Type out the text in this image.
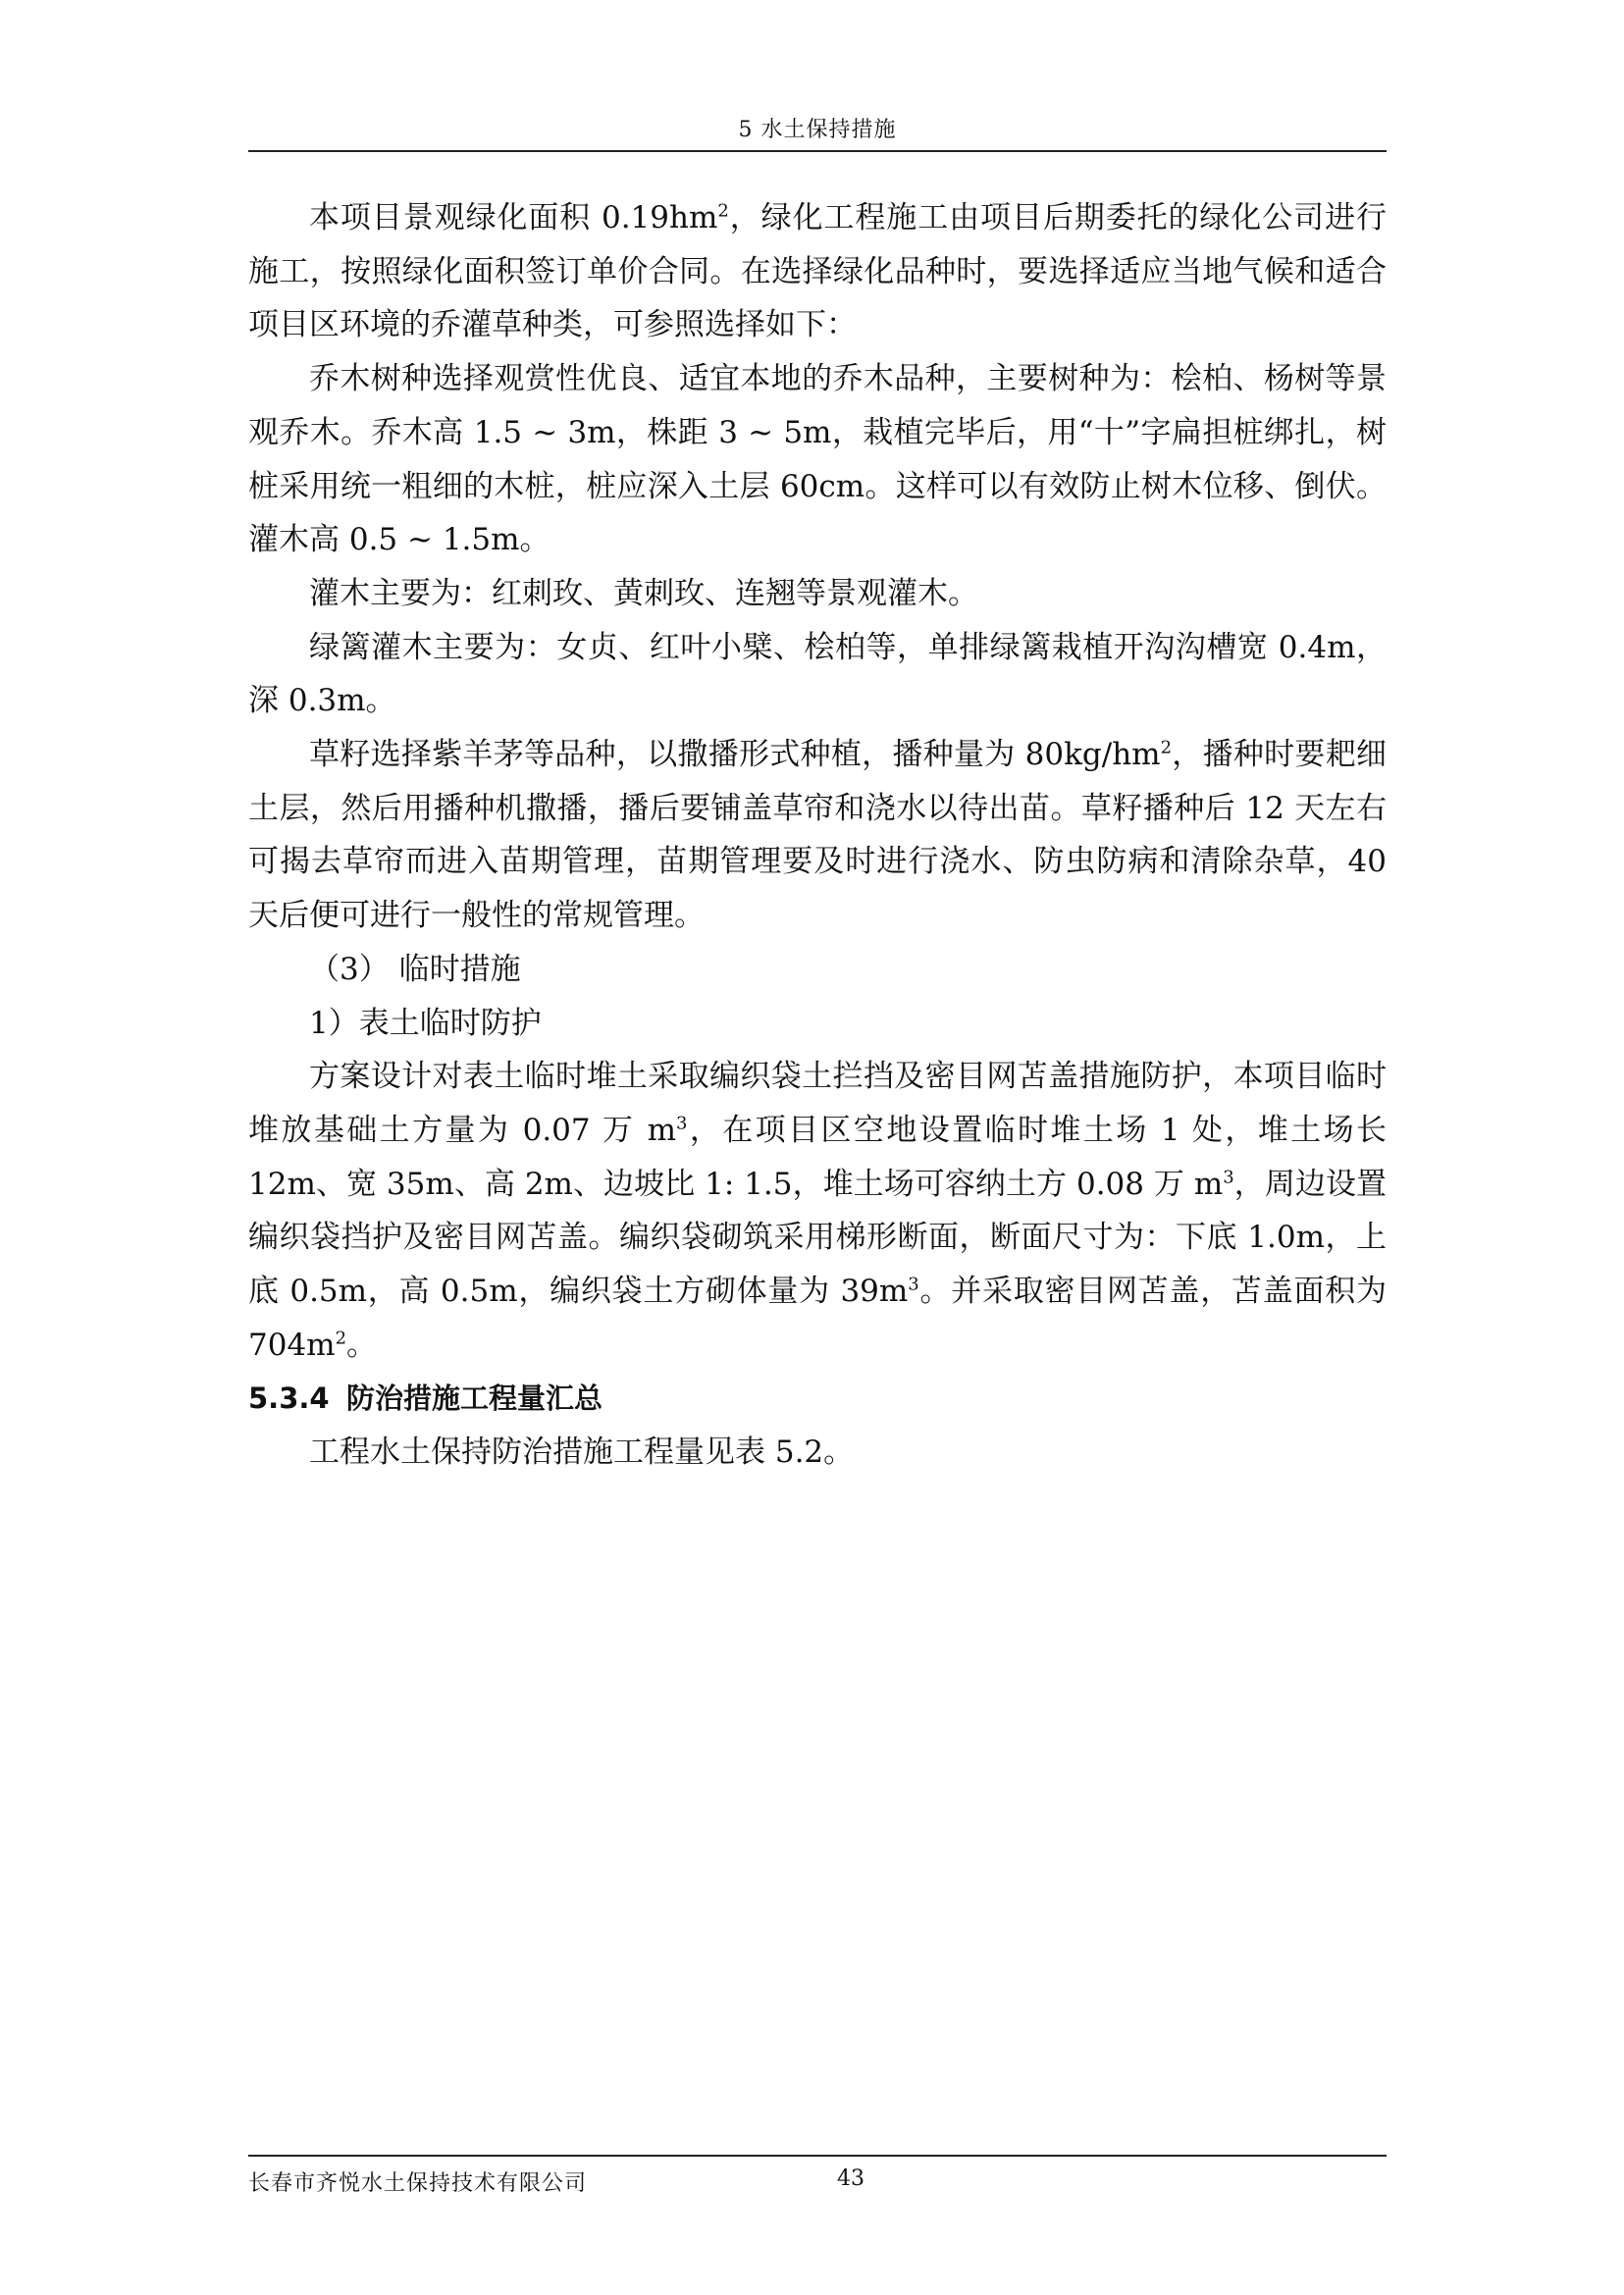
5 水土保持措施

本项目景观绿化面积 $0.19hm^2$，绿化工程施工由项目后期委托的绿化公司进行施工，按照绿化面积签订单价合同。在选择绿化品种时，要选择适应当地气候和适合项目区环境的乔灌草种类，可参照选择如下：

乔木树种选择观赏性优良、适宜本地的乔木品种，主要树种为：桧柏、杨树等景观乔木。乔木高 1.5 ~ 3m，株距 3 ~ 5m，栽植完毕后，用“十”字扁担桩绑扎，树桩采用统一粗细的木桩，桩应深入土层 60cm。这样可以有效防止树木位移、倒伏。灌木高 0.5 ~ 1.5m。

灌木主要为：红刺玫、黄刺玫、连翘等景观灌木。

绿篱灌木主要为：女贞、红叶小檗、桧柏等，单排绿篱栽植开沟沟槽宽 0.4m，深 0.3m。

草籽选择紫羊茅等品种，以撒播形式种植，播种量为 $80kg/hm^2$，播种时要耙细土层，然后用播种机撒播，播后要铺盖草帘和浇水以待出苗。草籽播种后 12 天左右可揭去草帘而进入苗期管理，苗期管理要及时进行浇水、防虫防病和清除杂草，40 天后便可进行一般性的常规管理。

（3） 临时措施

1）表土临时防护

方案设计对表土临时堆土采取编织袋土拦挡及密目网苫盖措施防护，本项目临时堆放基础土方量为 0.07 万 $m^3$，在项目区空地设置临时堆土场 1 处，堆土场长 12m、宽 35m、高 2m、边坡比 1: 1.5，堆土场可容纳土方 0.08 万 $m^3$，周边设置编织袋挡护及密目网苫盖。编织袋砌筑采用梯形断面，断面尺寸为：下底 1.0m，上底 0.5m，高 0.5m，编织袋土方砌体量为 $39m^3$。并采取密目网苫盖，苫盖面积为 $704m^2$。

5.3.4 防治措施工程量汇总

工程水土保持防治措施工程量见表 5.2。

长春市齐悦水土保持技术有限公司	43
